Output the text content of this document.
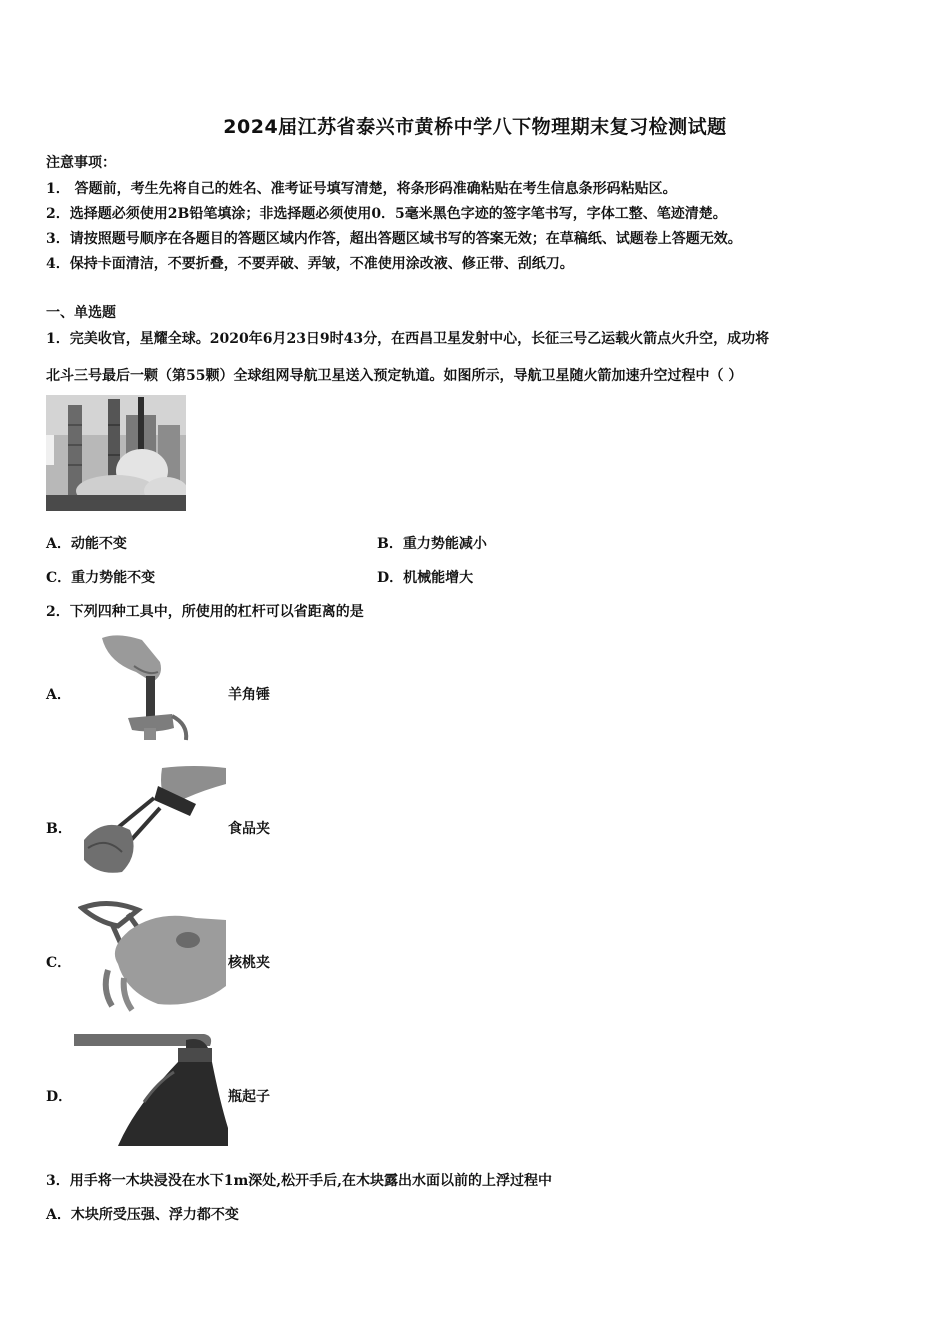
2024届江苏省泰兴市黄桥中学八下物理期末复习检测试题
注意事项：
1． 答题前，考生先将自己的姓名、准考证号填写清楚，将条形码准确粘贴在考生信息条形码粘贴区。
2．选择题必须使用2B铅笔填涂；非选择题必须使用0．5毫米黑色字迹的签字笔书写，字体工整、笔迹清楚。
3．请按照题号顺序在各题目的答题区域内作答，超出答题区域书写的答案无效；在草稿纸、试题卷上答题无效。
4．保持卡面清洁，不要折叠，不要弄破、弄皱，不准使用涂改液、修正带、刮纸刀。
一、单选题
1．完美收官，星耀全球。2020年6月23日9时43分，在西昌卫星发射中心，长征三号乙运载火箭点火升空，成功将
北斗三号最后一颗（第55颗）全球组网导航卫星送入预定轨道。如图所示，导航卫星随火箭加速升空过程中（ ）
A．动能不变	B．重力势能减小
C．重力势能不变	D．机械能增大
2．下列四种工具中，所使用的杠杆可以省距离的是
A．	羊角锤
B．	食品夹
C．	核桃夹
D．	瓶起子
3．用手将一木块浸没在水下1m深处,松开手后,在木块露出水面以前的上浮过程中
A．木块所受压强、浮力都不变
